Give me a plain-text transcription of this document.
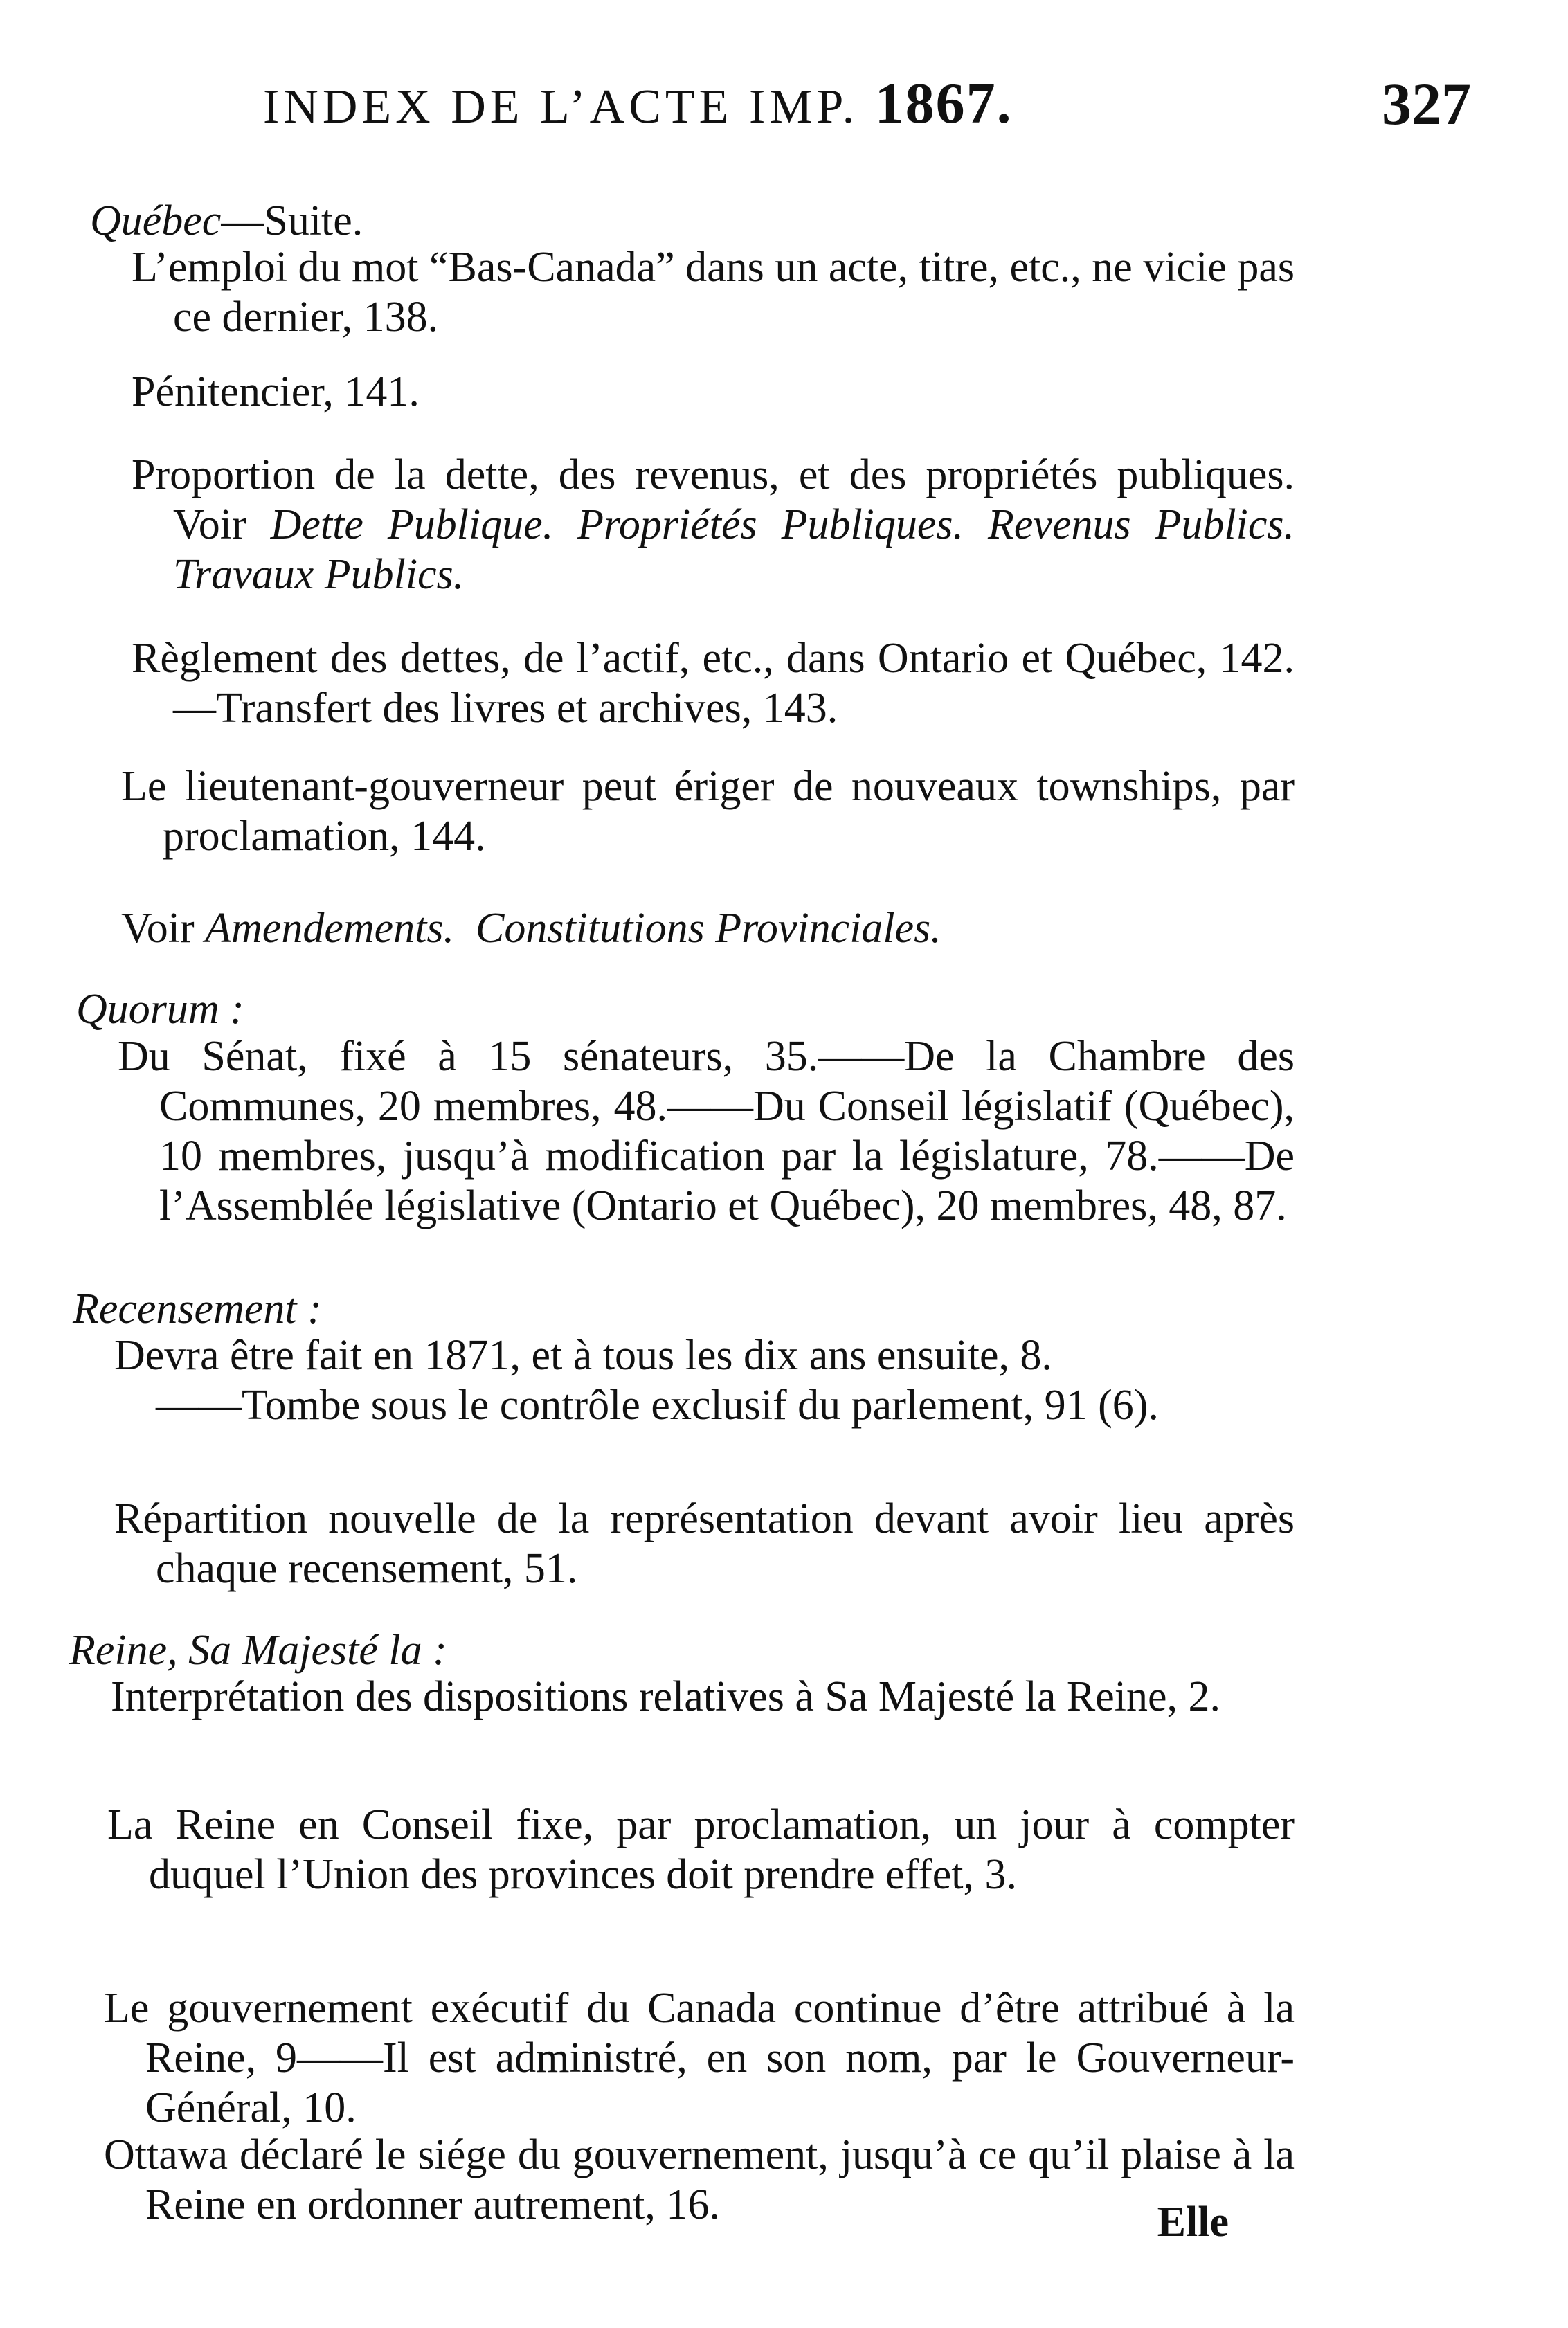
INDEX DE L’ACTE IMP. 1867.	327
Québec—Suite.
L’emploi du mot “Bas-Canada” dans un acte, titre, etc., ne vicie pas ce dernier, 138.
Pénitencier, 141.
Proportion de la dette, des revenus, et des propriétés publiques. Voir Dette Publique. Propriétés Publiques. Revenus Publics. Travaux Publics.
Règlement des dettes, de l’actif, etc., dans Ontario et Québec, 142.—Transfert des livres et archives, 143.
Le lieutenant-gouverneur peut ériger de nouveaux townships, par proclamation, 144.
Voir Amendements. Constitutions Provinciales.
Quorum :
Du Sénat, fixé à 15 sénateurs, 35.——De la Chambre des Communes, 20 membres, 48.——Du Conseil législatif (Québec), 10 membres, jusqu’à modification par la législature, 78.——De l’Assemblée législative (Ontario et Québec), 20 membres, 48, 87.
Recensement :
Devra être fait en 1871, et à tous les dix ans ensuite, 8.
——Tombe sous le contrôle exclusif du parlement, 91 (6).
Répartition nouvelle de la représentation devant avoir lieu après chaque recensement, 51.
Reine, Sa Majesté la :
Interprétation des dispositions relatives à Sa Majesté la Reine, 2.
La Reine en Conseil fixe, par proclamation, un jour à compter duquel l’Union des provinces doit prendre effet, 3.
Le gouvernement exécutif du Canada continue d’être attribué à la Reine, 9——Il est administré, en son nom, par le Gouverneur-Général, 10.
Ottawa déclaré le siége du gouvernement, jusqu’à ce qu’il plaise à la Reine en ordonner autrement, 16.	Elle
